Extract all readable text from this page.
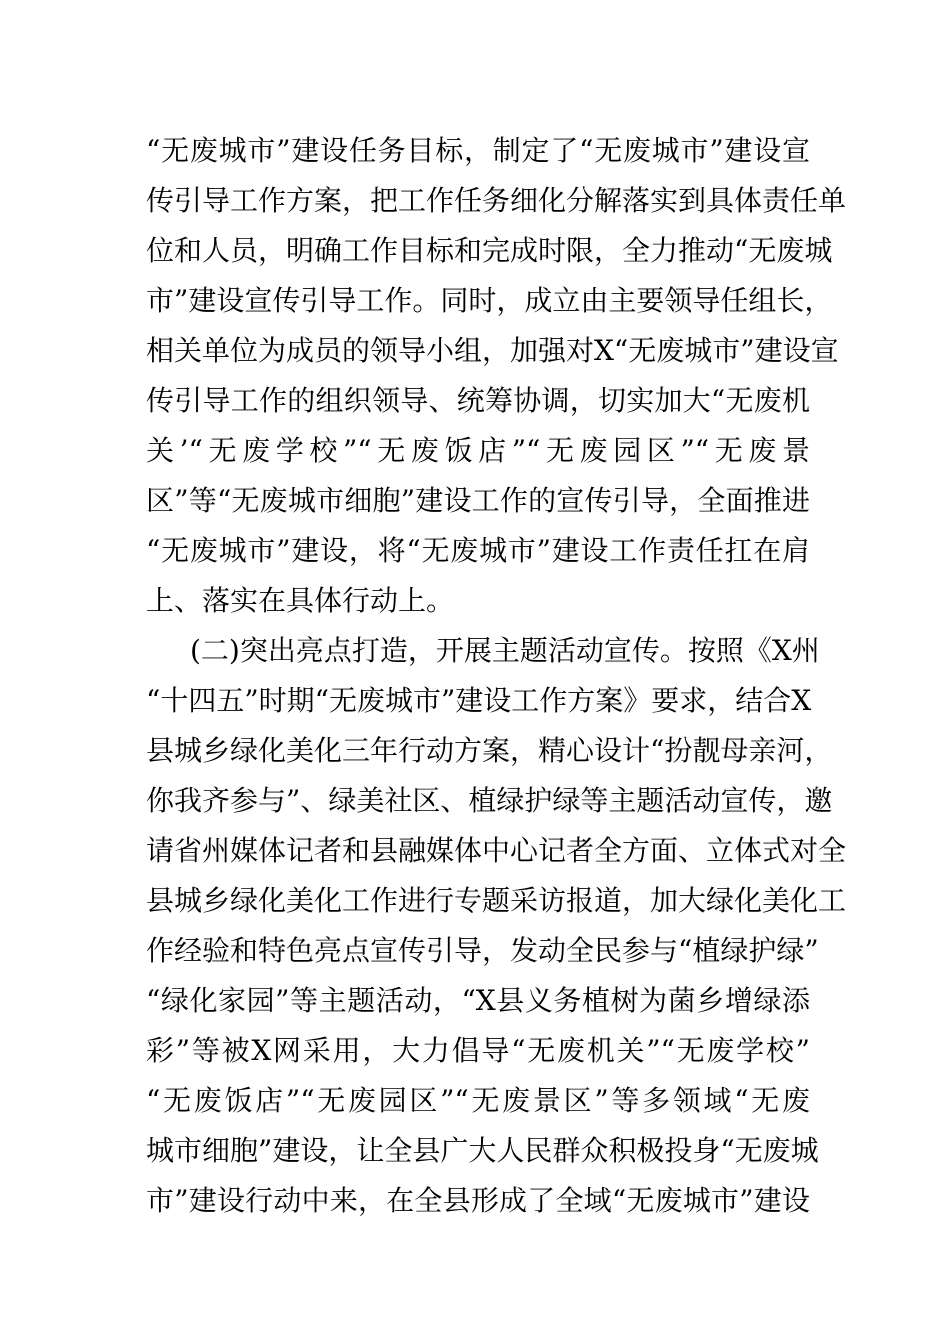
“无废城市”建设任务目标，制定了“无废城市”建设宣
传引导工作方案，把工作任务细化分解落实到具体责任单
位和人员，明确工作目标和完成时限，全力推动“无废城
市”建设宣传引导工作。同时，成立由主要领导任组长，
相关单位为成员的领导小组，加强对X“无废城市”建设宣
传引导工作的组织领导、统筹协调，切实加大“无废机
关’“无废学校”“无废饭店”“无废园区”“无废景
区”等“无废城市细胞”建设工作的宣传引导，全面推进
“无废城市”建设，将“无废城市”建设工作责任扛在肩
上、落实在具体行动上。
(二)突出亮点打造，开展主题活动宣传。按照《X州
“十四五”时期“无废城市”建设工作方案》要求，结合X
县城乡绿化美化三年行动方案，精心设计“扮靓母亲河，
你我齐参与”、绿美社区、植绿护绿等主题活动宣传，邀
请省州媒体记者和县融媒体中心记者全方面、立体式对全
县城乡绿化美化工作进行专题采访报道，加大绿化美化工
作经验和特色亮点宣传引导，发动全民参与“植绿护绿”
“绿化家园”等主题活动，“X县义务植树为菌乡增绿添
彩”等被X网采用，大力倡导“无废机关”“无废学校”
“无废饭店”“无废园区”“无废景区”等多领域“无废
城市细胞”建设，让全县广大人民群众积极投身“无废城
市”建设行动中来，在全县形成了全域“无废城市”建设
